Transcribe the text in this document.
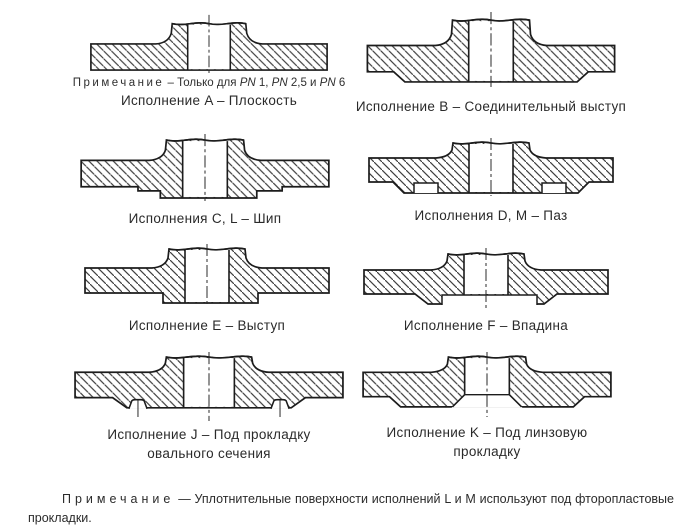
Примечание – Только для PN 1, PN 2,5 и PN 6
Исполнение A – Плоскость	Исполнение B – Соединительный выступ
Исполнения C, L – Шип	Исполнения D, M – Паз
Исполнение E – Выступ	Исполнение F – Впадина
Исполнение J – Под прокладку
овального сечения
Исполнение K – Под линзовую
прокладку

Примечание — Уплотнительные поверхности исполнений L и M используют под фторопластовые прокладки.
